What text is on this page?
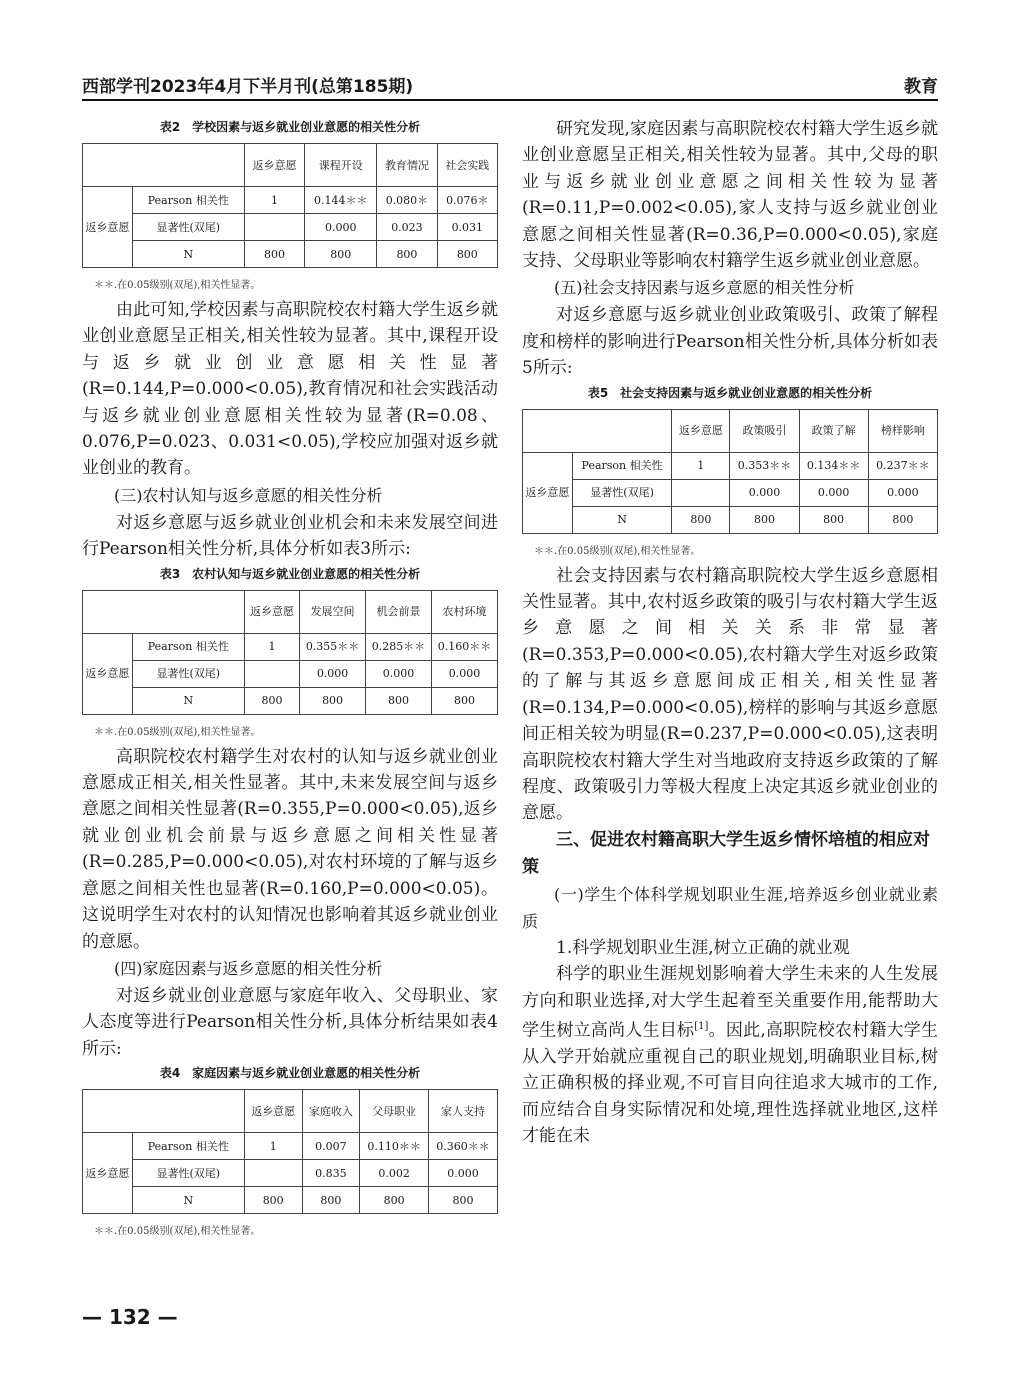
西部学刊2023年4月下半月刊(总第185期)	教育
表2　学校因素与返乡就业创业意愿的相关性分析
		返乡意愿	课程开设	教育情况	社会实践
返乡意愿	Pearson 相关性	1	0.144＊＊	0.080＊	0.076＊
	显著性(双尾)		0.000	0.023	0.031
	N	800	800	800	800
＊＊.在0.05级别(双尾),相关性显著。

由此可知,学校因素与高职院校农村籍大学生返乡就业创业意愿呈正相关,相关性较为显著。其中,课程开设与返乡就业创业意愿相关性显著(R=0.144,P=0.000<0.05),教育情况和社会实践活动与返乡就业创业意愿相关性较为显著(R=0.08、0.076,P=0.023、0.031<0.05),学校应加强对返乡就业创业的教育。

(三)农村认知与返乡意愿的相关性分析

对返乡意愿与返乡就业创业机会和未来发展空间进行Pearson相关性分析,具体分析如表3所示:

表3　农村认知与返乡就业创业意愿的相关性分析
		返乡意愿	发展空间	机会前景	农村环境
返乡意愿	Pearson 相关性	1	0.355＊＊	0.285＊＊	0.160＊＊
	显著性(双尾)		0.000	0.000	0.000
	N	800	800	800	800
＊＊.在0.05级别(双尾),相关性显著。

高职院校农村籍学生对农村的认知与返乡就业创业意愿成正相关,相关性显著。其中,未来发展空间与返乡意愿之间相关性显著(R=0.355,P=0.000<0.05),返乡就业创业机会前景与返乡意愿之间相关性显著(R=0.285,P=0.000<0.05),对农村环境的了解与返乡意愿之间相关性也显著(R=0.160,P=0.000<0.05)。这说明学生对农村的认知情况也影响着其返乡就业创业的意愿。

(四)家庭因素与返乡意愿的相关性分析

对返乡就业创业意愿与家庭年收入、父母职业、家人态度等进行Pearson相关性分析,具体分析结果如表4所示:

表4　家庭因素与返乡就业创业意愿的相关性分析
		返乡意愿	家庭收入	父母职业	家人支持
返乡意愿	Pearson 相关性	1	0.007	0.110＊＊	0.360＊＊
	显著性(双尾)		0.835	0.002	0.000
	N	800	800	800	800
＊＊.在0.05级别(双尾),相关性显著。

研究发现,家庭因素与高职院校农村籍大学生返乡就业创业意愿呈正相关,相关性较为显著。其中,父母的职业与返乡就业创业意愿之间相关性较为显著(R=0.11,P=0.002<0.05),家人支持与返乡就业创业意愿之间相关性显著(R=0.36,P=0.000<0.05),家庭支持、父母职业等影响农村籍学生返乡就业创业意愿。

(五)社会支持因素与返乡意愿的相关性分析

对返乡意愿与返乡就业创业政策吸引、政策了解程度和榜样的影响进行Pearson相关性分析,具体分析如表5所示:

表5　社会支持因素与返乡就业创业意愿的相关性分析
		返乡意愿	政策吸引	政策了解	榜样影响
返乡意愿	Pearson 相关性	1	0.353＊＊	0.134＊＊	0.237＊＊
	显著性(双尾)		0.000	0.000	0.000
	N	800	800	800	800
＊＊.在0.05级别(双尾),相关性显著。

社会支持因素与农村籍高职院校大学生返乡意愿相关性显著。其中,农村返乡政策的吸引与农村籍大学生返乡意愿之间相关关系非常显著(R=0.353,P=0.000<0.05),农村籍大学生对返乡政策的了解与其返乡意愿间成正相关,相关性显著(R=0.134,P=0.000<0.05),榜样的影响与其返乡意愿间正相关较为明显(R=0.237,P=0.000<0.05),这表明高职院校农村籍大学生对当地政府支持返乡政策的了解程度、政策吸引力等极大程度上决定其返乡就业创业的意愿。

三、促进农村籍高职大学生返乡情怀培植的相应对策

(一)学生个体科学规划职业生涯,培养返乡创业就业素质

1.科学规划职业生涯,树立正确的就业观

科学的职业生涯规划影响着大学生未来的人生发展方向和职业选择,对大学生起着至关重要作用,能帮助大学生树立高尚人生目标[1]。因此,高职院校农村籍大学生从入学开始就应重视自己的职业规划,明确职业目标,树立正确积极的择业观,不可盲目向往追求大城市的工作,而应结合自身实际情况和处境,理性选择就业地区,这样才能在未

— 132 —
